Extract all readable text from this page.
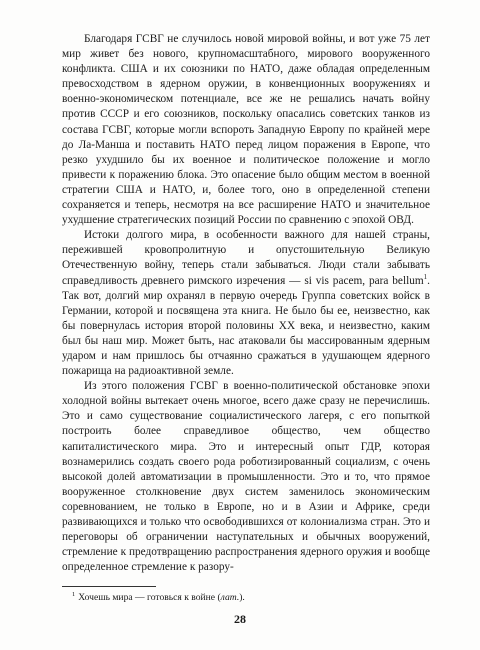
Благодаря ГСВГ не случилось новой мировой войны, и вот уже 75 лет мир живет без нового, крупномасштабного, мирового вооруженного конфликта. США и их союзники по НАТО, даже обладая определенным превосходством в ядерном оружии, в конвенционных вооружениях и военно-экономическом потенциале, все же не решались начать войну против СССР и его союзников, поскольку опасались советских танков из состава ГСВГ, которые могли вспороть Западную Европу по крайней мере до Ла-Манша и поставить НАТО перед лицом поражения в Европе, что резко ухудшило бы их военное и политическое положение и могло привести к поражению блока. Это опасение было общим местом в военной стратегии США и НАТО, и, более того, оно в определенной степени сохраняется и теперь, несмотря на все расширение НАТО и значительное ухудшение стратегических позиций России по сравнению с эпохой ОВД.

Истоки долгого мира, в особенности важного для нашей страны, пережившей кровопролитную и опустошительную Великую Отечественную войну, теперь стали забываться. Люди стали забывать справедливость древнего римского изречения — si vis pacem, para bellum$^1$. Так вот, долгий мир охранял в первую очередь Группа советских войск в Германии, которой и посвящена эта книга. Не было бы ее, неизвестно, как бы повернулась история второй половины XX века, и неизвестно, каким был бы наш мир. Может быть, нас атаковали бы массированным ядерным ударом и нам пришлось бы отчаянно сражаться в удушающем ядерного пожарища на радиоактивной земле.

Из этого положения ГСВГ в военно-политической обстановке эпохи холодной войны вытекает очень многое, всего даже сразу не перечислишь. Это и само существование социалистического лагеря, с его попыткой построить более справедливое общество, чем общество капиталистического мира. Это и интересный опыт ГДР, которая вознамерились создать своего рода роботизированный социализм, с очень высокой долей автоматизации в промышленности. Это и то, что прямое вооруженное столкновение двух систем заменилось экономическим соревнованием, не только в Европе, но и в Азии и Африке, среди развивающихся и только что освободившихся от колониализма стран. Это и переговоры об ограничении наступательных и обычных вооружений, стремление к предотвращению распространения ядерного оружия и вообще определенное стремление к разору-

$^1$ Хочешь мира — готовься к войне (лат.).
28
